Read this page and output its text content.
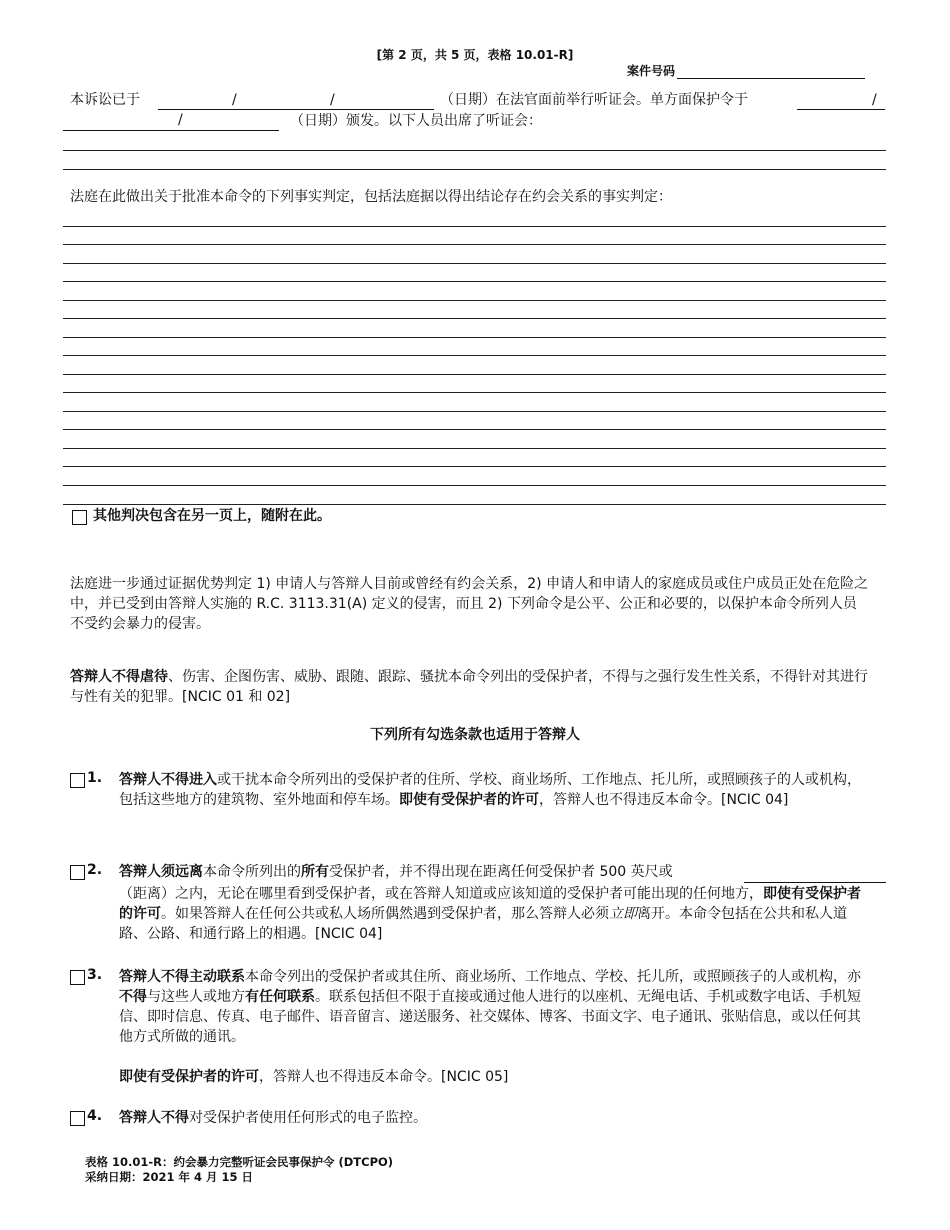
[第 2 页，共 5 页，表格 10.01-R]
案件号码
本诉讼已于	/	/	（日期）在法官面前举行听证会。单方面保护令于	/
/	（日期）颁发。以下人员出席了听证会：
法庭在此做出关于批准本命令的下列事实判定，包括法庭据以得出结论存在约会关系的事实判定：
其他判决包含在另一页上，随附在此。
法庭进一步通过证据优势判定 1) 申请人与答辩人目前或曾经有约会关系，2) 申请人和申请人的家庭成员或住户成员正处在危险之中，并已受到由答辩人实施的 R.C. 3113.31(A) 定义的侵害，而且 2) 下列命令是公平、公正和必要的，以保护本命令所列人员不受约会暴力的侵害。
答辩人不得虐待、伤害、企图伤害、威胁、跟随、跟踪、骚扰本命令列出的受保护者，不得与之强行发生性关系，不得针对其进行与性有关的犯罪。[NCIC 01 和 02]
下列所有勾选条款也适用于答辩人
1. 答辩人不得进入或干扰本命令所列出的受保护者的住所、学校、商业场所、工作地点、托儿所，或照顾孩子的人或机构，包括这些地方的建筑物、室外地面和停车场。即使有受保护者的许可，答辩人也不得违反本命令。[NCIC 04]
2. 答辩人须远离本命令所列出的所有受保护者，并不得出现在距离任何受保护者 500 英尺或
（距离）之内，无论在哪里看到受保护者，或在答辩人知道或应该知道的受保护者可能出现的任何地方，即使有受保护者的许可。如果答辩人在任何公共或私人场所偶然遇到受保护者，那么答辩人必须立即离开。本命令包括在公共和私人道路、公路、和通行路上的相遇。[NCIC 04]
3. 答辩人不得主动联系本命令列出的受保护者或其住所、商业场所、工作地点、学校、托儿所，或照顾孩子的人或机构，亦不得与这些人或地方有任何联系。联系包括但不限于直接或通过他人进行的以座机、无绳电话、手机或数字电话、手机短信、即时信息、传真、电子邮件、语音留言、递送服务、社交媒体、博客、书面文字、电子通讯、张贴信息，或以任何其他方式所做的通讯。
即使有受保护者的许可，答辩人也不得违反本命令。[NCIC 05]
4. 答辩人不得对受保护者使用任何形式的电子监控。
表格 10.01-R：约会暴力完整听证会民事保护令 (DTCPO)
采纳日期：2021 年 4 月 15 日
